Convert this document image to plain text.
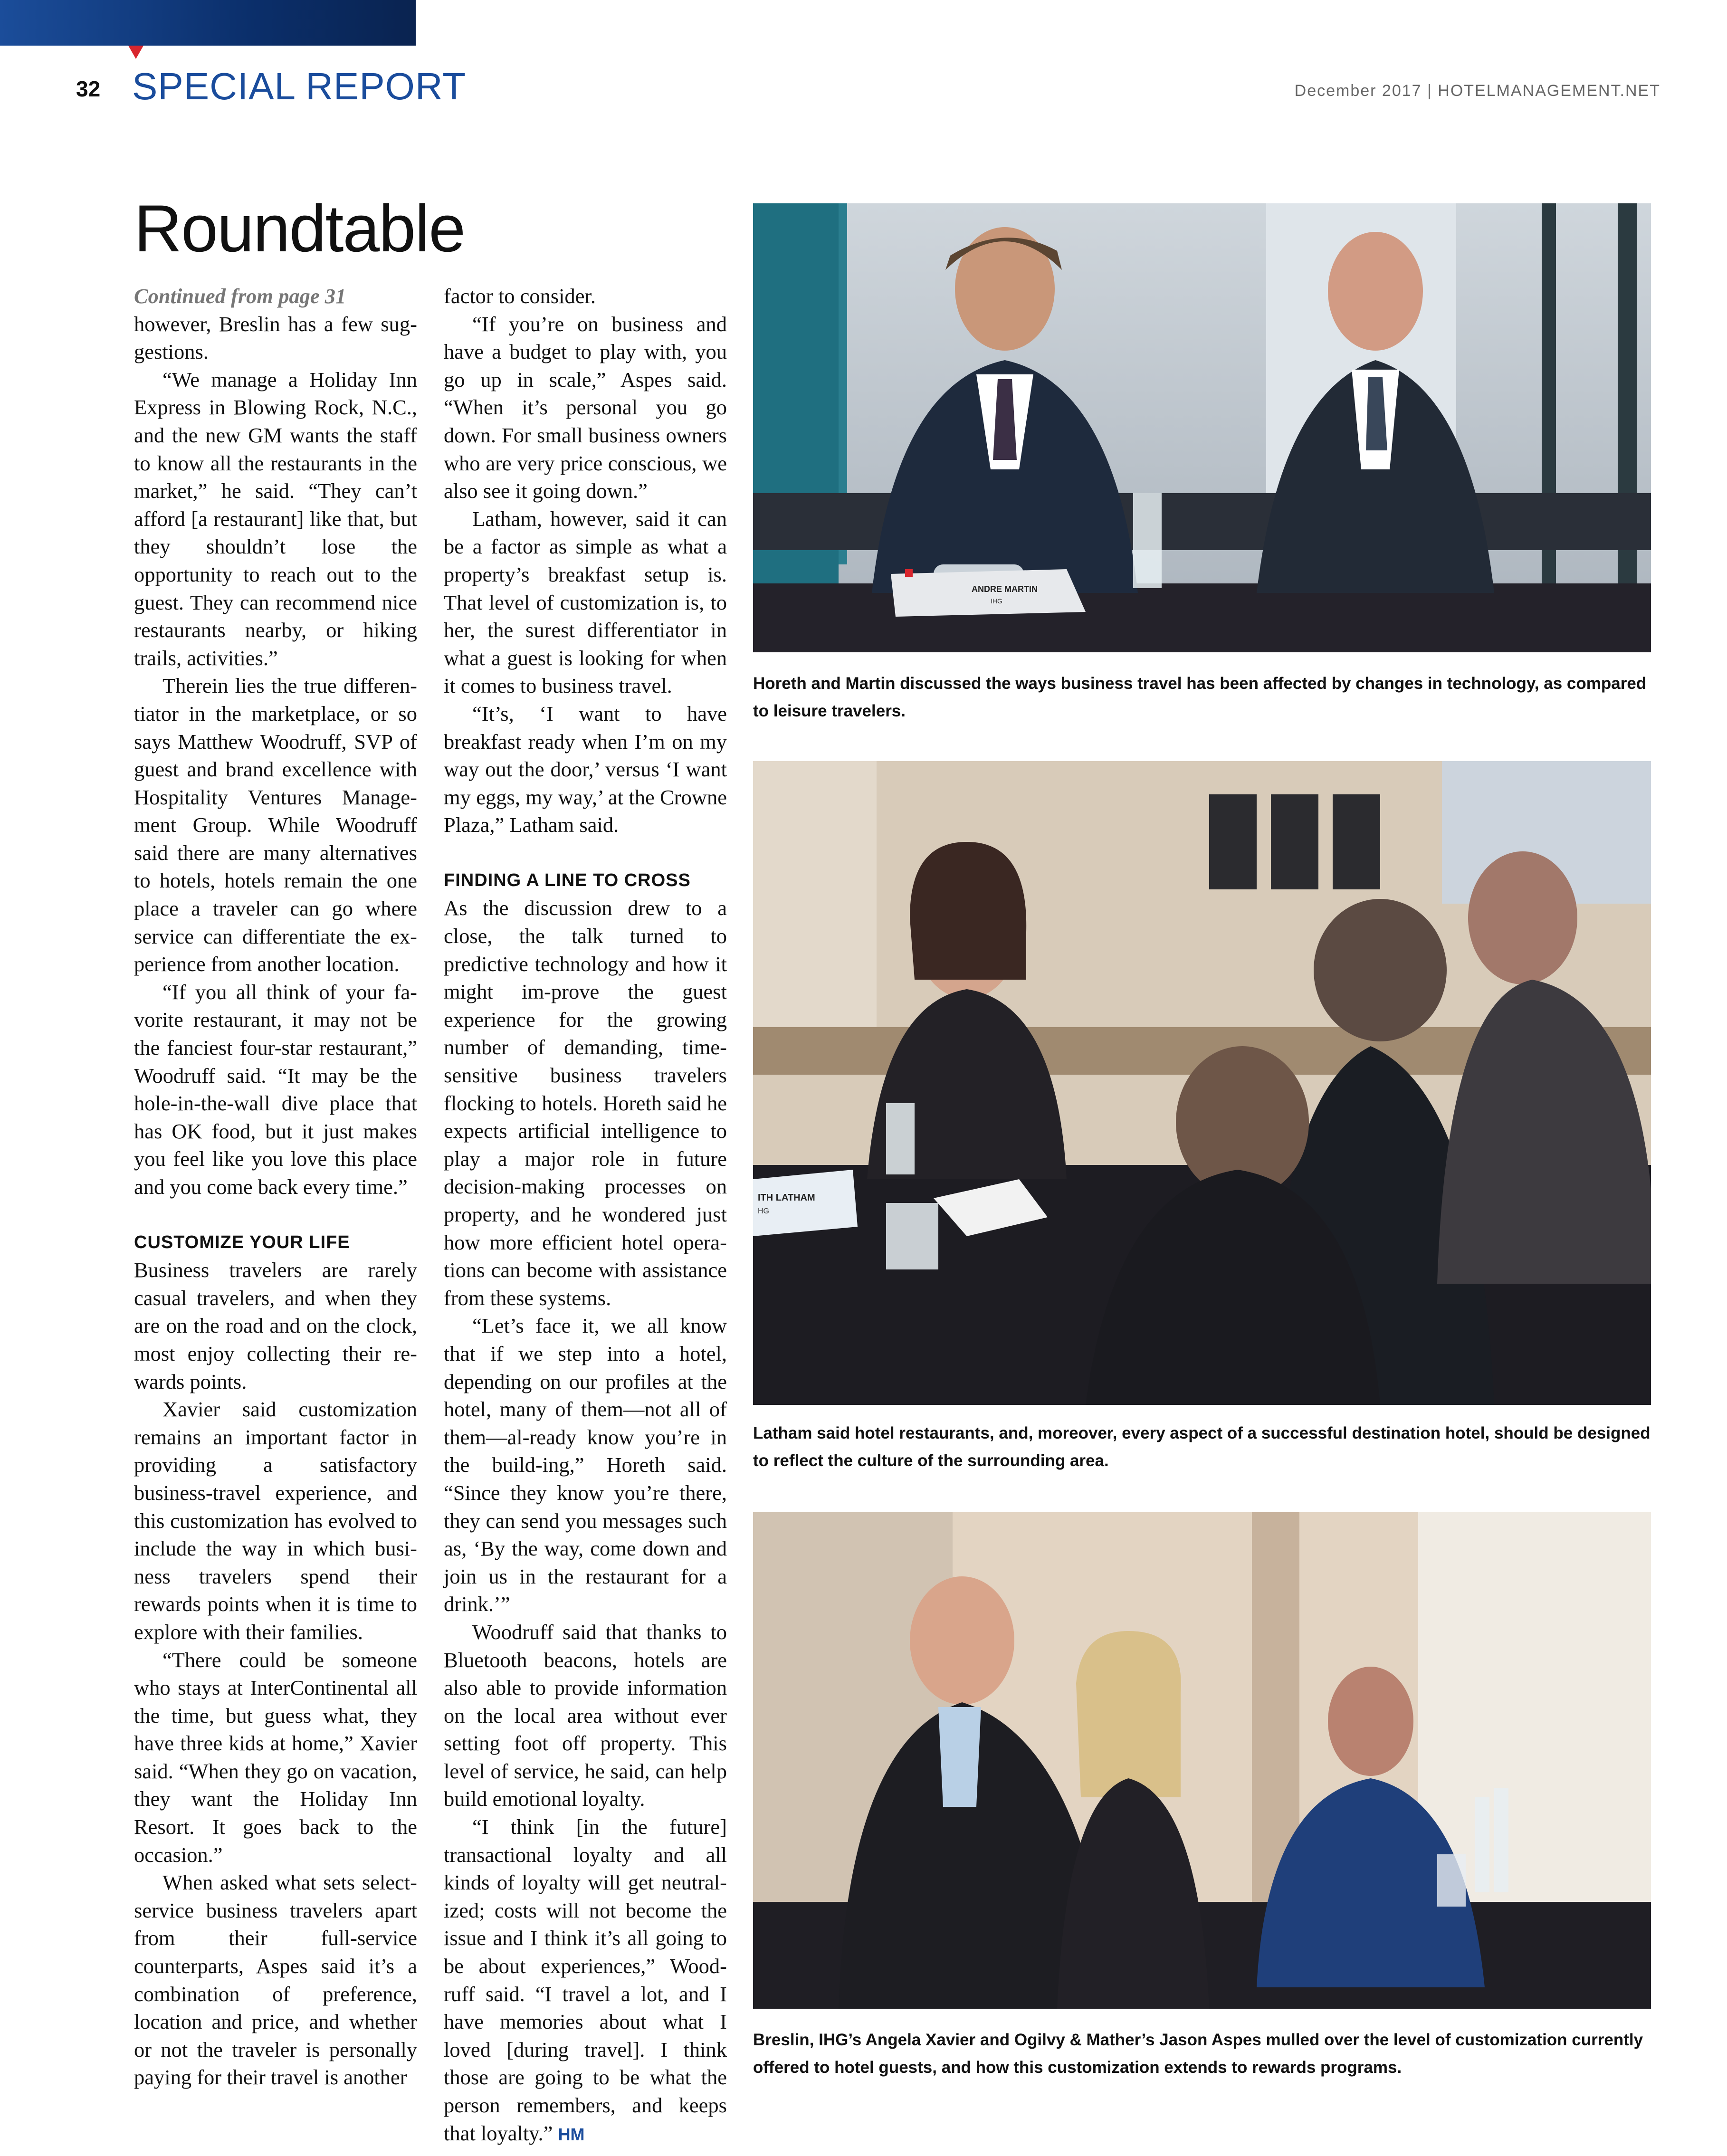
32 SPECIAL REPORT	December 2017 | HOTELMANAGEMENT.NET
Roundtable

Continued from page 31

however, Breslin has a few sug-gestions.

“We manage a Holiday Inn Express in Blowing Rock, N.C., and the new GM wants the staff to know all the restaurants in the market,” he said. “They can’t afford [a restaurant] like that, but they shouldn’t lose the opportunity to reach out to the guest. They can recommend nice restaurants nearby, or hiking trails, activities.”

Therein lies the true differen-tiator in the marketplace, or so says Matthew Woodruff, SVP of guest and brand excellence with Hospitality Ventures Manage-ment Group. While Woodruff said there are many alternatives to hotels, hotels remain the one place a traveler can go where service can differentiate the ex-perience from another location.

“If you all think of your fa-vorite restaurant, it may not be the fanciest four-star restaurant,” Woodruff said. “It may be the hole-in-the-wall dive place that has OK food, but it just makes you feel like you love this place and you come back every time.”

CUSTOMIZE YOUR LIFE

Business travelers are rarely casual travelers, and when they are on the road and on the clock, most enjoy collecting their re-wards points.

Xavier said customization remains an important factor in providing a satisfactory business-travel experience, and this customization has evolved to include the way in which busi-ness travelers spend their rewards points when it is time to explore with their families.

“There could be someone who stays at InterContinental all the time, but guess what, they have three kids at home,” Xavier said. “When they go on vacation, they want the Holiday Inn Resort. It goes back to the occasion.”

When asked what sets select-service business travelers apart from their full-service counterparts, Aspes said it’s a combination of preference, location and price, and whether or not the traveler is personally paying for their travel is another

factor to consider.

“If you’re on business and have a budget to play with, you go up in scale,” Aspes said. “When it’s personal you go down. For small business owners who are very price conscious, we also see it going down.”

Latham, however, said it can be a factor as simple as what a property’s breakfast setup is. That level of customization is, to her, the surest differentiator in what a guest is looking for when it comes to business travel.

“It’s, ‘I want to have breakfast ready when I’m on my way out the door,’ versus ‘I want my eggs, my way,’ at the Crowne Plaza,” Latham said.

FINDING A LINE TO CROSS

As the discussion drew to a close, the talk turned to predictive technology and how it might im-prove the guest experience for the growing number of demanding, time-sensitive business travelers flocking to hotels. Horeth said he expects artificial intelligence to play a major role in future decision-making processes on property, and he wondered just how more efficient hotel opera-tions can become with assistance from these systems.

“Let’s face it, we all know that if we step into a hotel, depending on our profiles at the hotel, many of them—not all of them—al-ready know you’re in the build-ing,” Horeth said. “Since they know you’re there, they can send you messages such as, ‘By the way, come down and join us in the restaurant for a drink.’”

Woodruff said that thanks to Bluetooth beacons, hotels are also able to provide information on the local area without ever setting foot off property. This level of service, he said, can help build emotional loyalty.

“I think [in the future] transactional loyalty and all kinds of loyalty will get neutral-ized; costs will not become the issue and I think it’s all going to be about experiences,” Wood-ruff said. “I travel a lot, and I have memories about what I loved [during travel]. I think those are going to be what the person remembers, and keeps that loyalty.” HM

ANDRE MARTIN
IHG
Horeth and Martin discussed the ways business travel has been affected by changes in technology, as compared to leisure travelers.
ITH LATHAM
HG
Latham said hotel restaurants, and, moreover, every aspect of a successful destination hotel, should be designed to reflect the culture of the surrounding area.
Breslin, IHG’s Angela Xavier and Ogilvy & Mather’s Jason Aspes mulled over the level of customization currently offered to hotel guests, and how this customization extends to rewards programs.
